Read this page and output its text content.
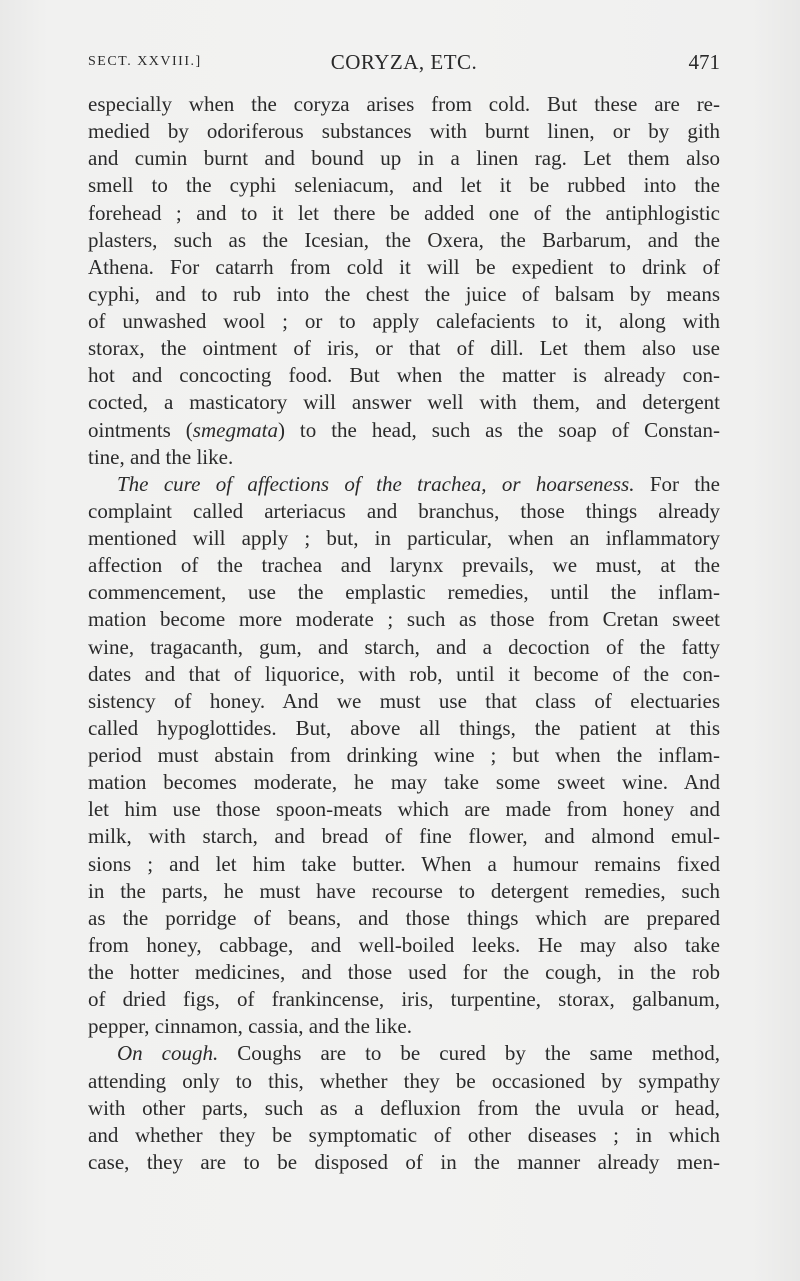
SECT. XXVIII.]	CORYZA, ETC.	471
especially when the coryza arises from cold. But these are re-
medied by odoriferous substances with burnt linen, or by gith
and cumin burnt and bound up in a linen rag. Let them also
smell to the cyphi seleniacum, and let it be rubbed into the
forehead ; and to it let there be added one of the antiphlogistic
plasters, such as the Icesian, the Oxera, the Barbarum, and the
Athena. For catarrh from cold it will be expedient to drink of
cyphi, and to rub into the chest the juice of balsam by means
of unwashed wool ; or to apply calefacients to it, along with
storax, the ointment of iris, or that of dill. Let them also use
hot and concocting food. But when the matter is already con-
cocted, a masticatory will answer well with them, and detergent
ointments (smegmata) to the head, such as the soap of Constan-
tine, and the like.
The cure of affections of the trachea, or hoarseness. For the
complaint called arteriacus and branchus, those things already
mentioned will apply ; but, in particular, when an inflammatory
affection of the trachea and larynx prevails, we must, at the
commencement, use the emplastic remedies, until the inflam-
mation become more moderate ; such as those from Cretan sweet
wine, tragacanth, gum, and starch, and a decoction of the fatty
dates and that of liquorice, with rob, until it become of the con-
sistency of honey. And we must use that class of electuaries
called hypoglottides. But, above all things, the patient at this
period must abstain from drinking wine ; but when the inflam-
mation becomes moderate, he may take some sweet wine. And
let him use those spoon-meats which are made from honey and
milk, with starch, and bread of fine flower, and almond emul-
sions ; and let him take butter. When a humour remains fixed
in the parts, he must have recourse to detergent remedies, such
as the porridge of beans, and those things which are prepared
from honey, cabbage, and well-boiled leeks. He may also take
the hotter medicines, and those used for the cough, in the rob
of dried figs, of frankincense, iris, turpentine, storax, galbanum,
pepper, cinnamon, cassia, and the like.
On cough. Coughs are to be cured by the same method,
attending only to this, whether they be occasioned by sympathy
with other parts, such as a defluxion from the uvula or head,
and whether they be symptomatic of other diseases ; in which
case, they are to be disposed of in the manner already men-
